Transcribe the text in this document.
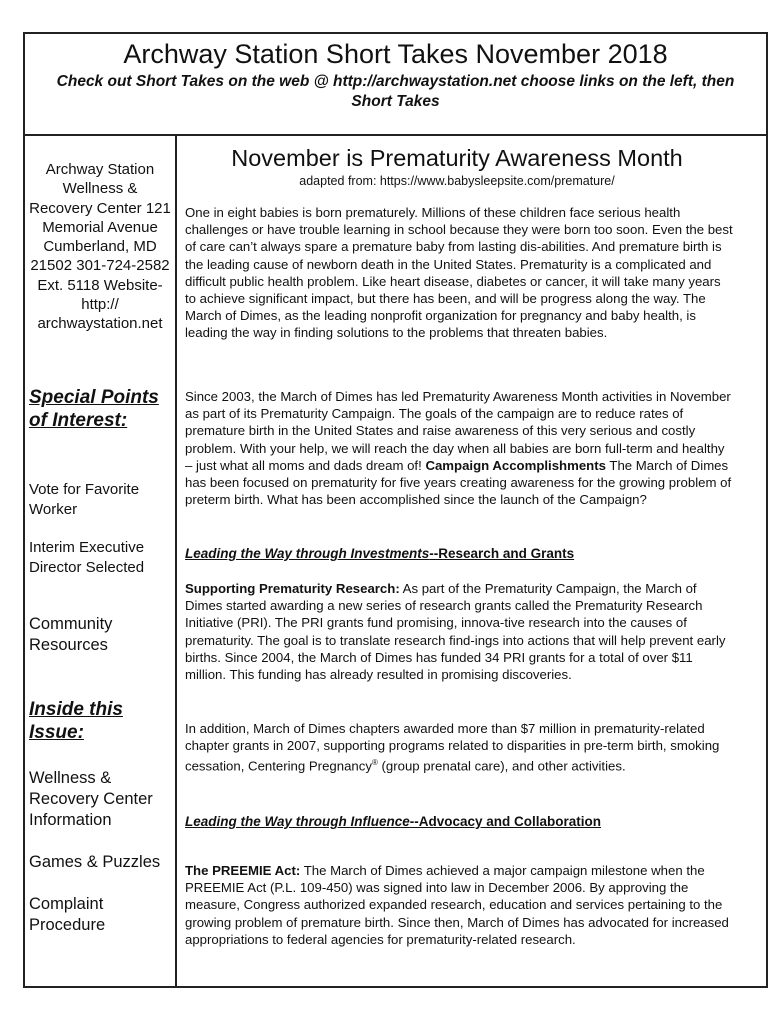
Archway Station Short Takes November 2018
Check out Short Takes on the web @ http://archwaystation.net choose links on the left, then Short Takes
Archway Station Wellness & Recovery Center 121 Memorial Avenue Cumberland, MD 21502 301-724-2582 Ext. 5118 Website-http:// archwaystation.net
Special Points of Interest:
Vote for Favorite Worker
Interim Executive Director Selected
Community Resources
Inside this Issue:
Wellness & Recovery Center Information
Games & Puzzles
Complaint Procedure
November is Prematurity Awareness Month
adapted from: https://www.babysleepsite.com/premature/

One in eight babies is born prematurely. Millions of these children face serious health challenges or have trouble learning in school because they were born too soon. Even the best of care can’t always spare a premature baby from lasting dis-abilities. And premature birth is the leading cause of newborn death in the United States. Prematurity is a complicated and difficult public health problem. Like heart disease, diabetes or cancer, it will take many years to achieve significant impact, but there has been, and will be progress along the way. The March of Dimes, as the leading nonprofit organization for pregnancy and baby health, is leading the way in finding solutions to the problems that threaten babies.

Since 2003, the March of Dimes has led Prematurity Awareness Month activities in November as part of its Prematurity Campaign. The goals of the campaign are to reduce rates of premature birth in the United States and raise awareness of this very serious and costly problem. With your help, we will reach the day when all babies are born full-term and healthy – just what all moms and dads dream of! Campaign Accomplishments The March of Dimes has been focused on prematurity for five years creating awareness for the growing problem of preterm birth. What has been accomplished since the launch of the Campaign?

Leading the Way through Investments--Research and Grants

Supporting Prematurity Research: As part of the Prematurity Campaign, the March of Dimes started awarding a new series of research grants called the Prematurity Research Initiative (PRI). The PRI grants fund promising, innova-tive research into the causes of prematurity. The goal is to translate research find-ings into actions that will help prevent early births. Since 2004, the March of Dimes has funded 34 PRI grants for a total of over $11 million. This funding has already resulted in promising discoveries.

In addition, March of Dimes chapters awarded more than $7 million in prematurity-related chapter grants in 2007, supporting programs related to disparities in pre-term birth, smoking cessation, Centering Pregnancy® (group prenatal care), and other activities.

Leading the Way through Influence--Advocacy and Collaboration

The PREEMIE Act: The March of Dimes achieved a major campaign milestone when the PREEMIE Act (P.L. 109-450) was signed into law in December 2006. By approving the measure, Congress authorized expanded research, education and services pertaining to the growing problem of premature birth. Since then, March of Dimes has advocated for increased appropriations to federal agencies for prematurity-related research.
